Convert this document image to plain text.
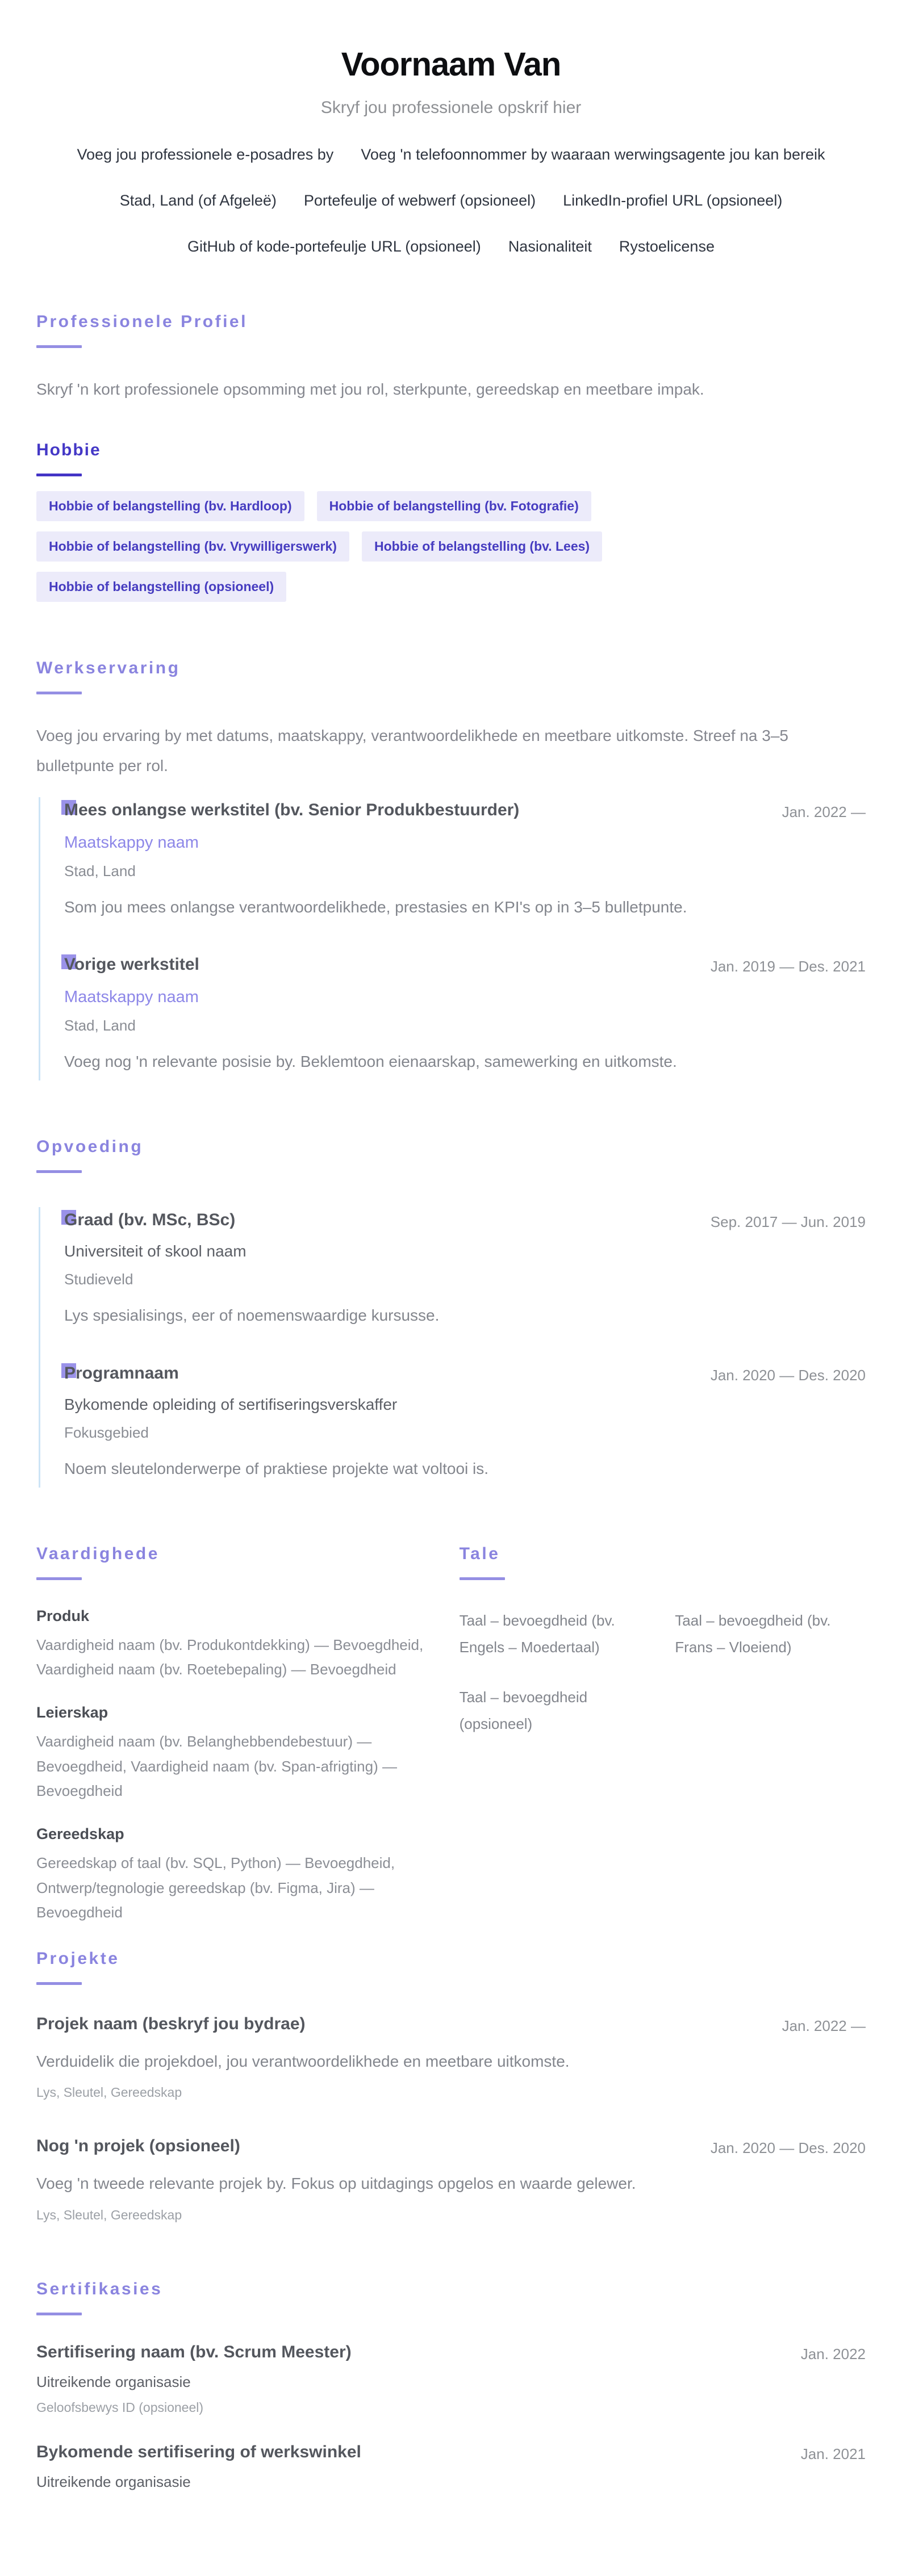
Voornaam Van
Skryf jou professionele opskrif hier
Voeg jou professionele e-posadres by Voeg 'n telefoonnommer by waaraan werwingsagente jou kan bereik
Stad, Land (of Afgeleë) Portefeulje of webwerf (opsioneel) LinkedIn-profiel URL (opsioneel)
GitHub of kode-portefeulje URL (opsioneel) Nasionaliteit Rystoelicense
Professionele Profiel

Skryf 'n kort professionele opsomming met jou rol, sterkpunte, gereedskap en meetbare impak.

Hobbie
Hobbie of belangstelling (bv. Hardloop)	Hobbie of belangstelling (bv. Fotografie)
Hobbie of belangstelling (bv. Vrywilligerswerk)	Hobbie of belangstelling (bv. Lees)
Hobbie of belangstelling (opsioneel)
Werkservaring

Voeg jou ervaring by met datums, maatskappy, verantwoordelikhede en meetbare uitkomste. Streef na 3–5 bulletpunte per rol.

Mees onlangse werkstitel (bv. Senior Produkbestuurder)	Jan. 2022 —
Maatskappy naam
Stad, Land

Som jou mees onlangse verantwoordelikhede, prestasies en KPI's op in 3–5 bulletpunte.

Vorige werkstitel	Jan. 2019 — Des. 2021
Maatskappy naam
Stad, Land

Voeg nog 'n relevante posisie by. Beklemtoon eienaarskap, samewerking en uitkomste.

Opvoeding
Graad (bv. MSc, BSc)	Sep. 2017 — Jun. 2019
Universiteit of skool naam
Studieveld

Lys spesialisings, eer of noemenswaardige kursusse.

Programnaam	Jan. 2020 — Des. 2020
Bykomende opleiding of sertifiseringsverskaffer
Fokusgebied

Noem sleutelonderwerpe of praktiese projekte wat voltooi is.

Vaardighede
Produk
Vaardigheid naam (bv. Produkontdekking) — Bevoegdheid, Vaardigheid naam (bv. Roetebepaling) — Bevoegdheid
Leierskap
Vaardigheid naam (bv. Belanghebbendebestuur) — Bevoegdheid, Vaardigheid naam (bv. Span-afrigting) — Bevoegdheid
Gereedskap
Gereedskap of taal (bv. SQL, Python) — Bevoegdheid, Ontwerp/tegnologie gereedskap (bv. Figma, Jira) — Bevoegdheid
Tale
Taal – bevoegdheid (bv. Engels – Moedertaal)
Taal – bevoegdheid (bv. Frans – Vloeiend)
Taal – bevoegdheid (opsioneel)
Projekte
Projek naam (beskryf jou bydrae)	Jan. 2022 —

Verduidelik die projekdoel, jou verantwoordelikhede en meetbare uitkomste.

Lys, Sleutel, Gereedskap
Nog 'n projek (opsioneel)	Jan. 2020 — Des. 2020

Voeg 'n tweede relevante projek by. Fokus op uitdagings opgelos en waarde gelewer.

Lys, Sleutel, Gereedskap
Sertifikasies
Sertifisering naam (bv. Scrum Meester)	Jan. 2022
Uitreikende organisasie
Geloofsbewys ID (opsioneel)
Bykomende sertifisering of werkswinkel	Jan. 2021
Uitreikende organisasie
